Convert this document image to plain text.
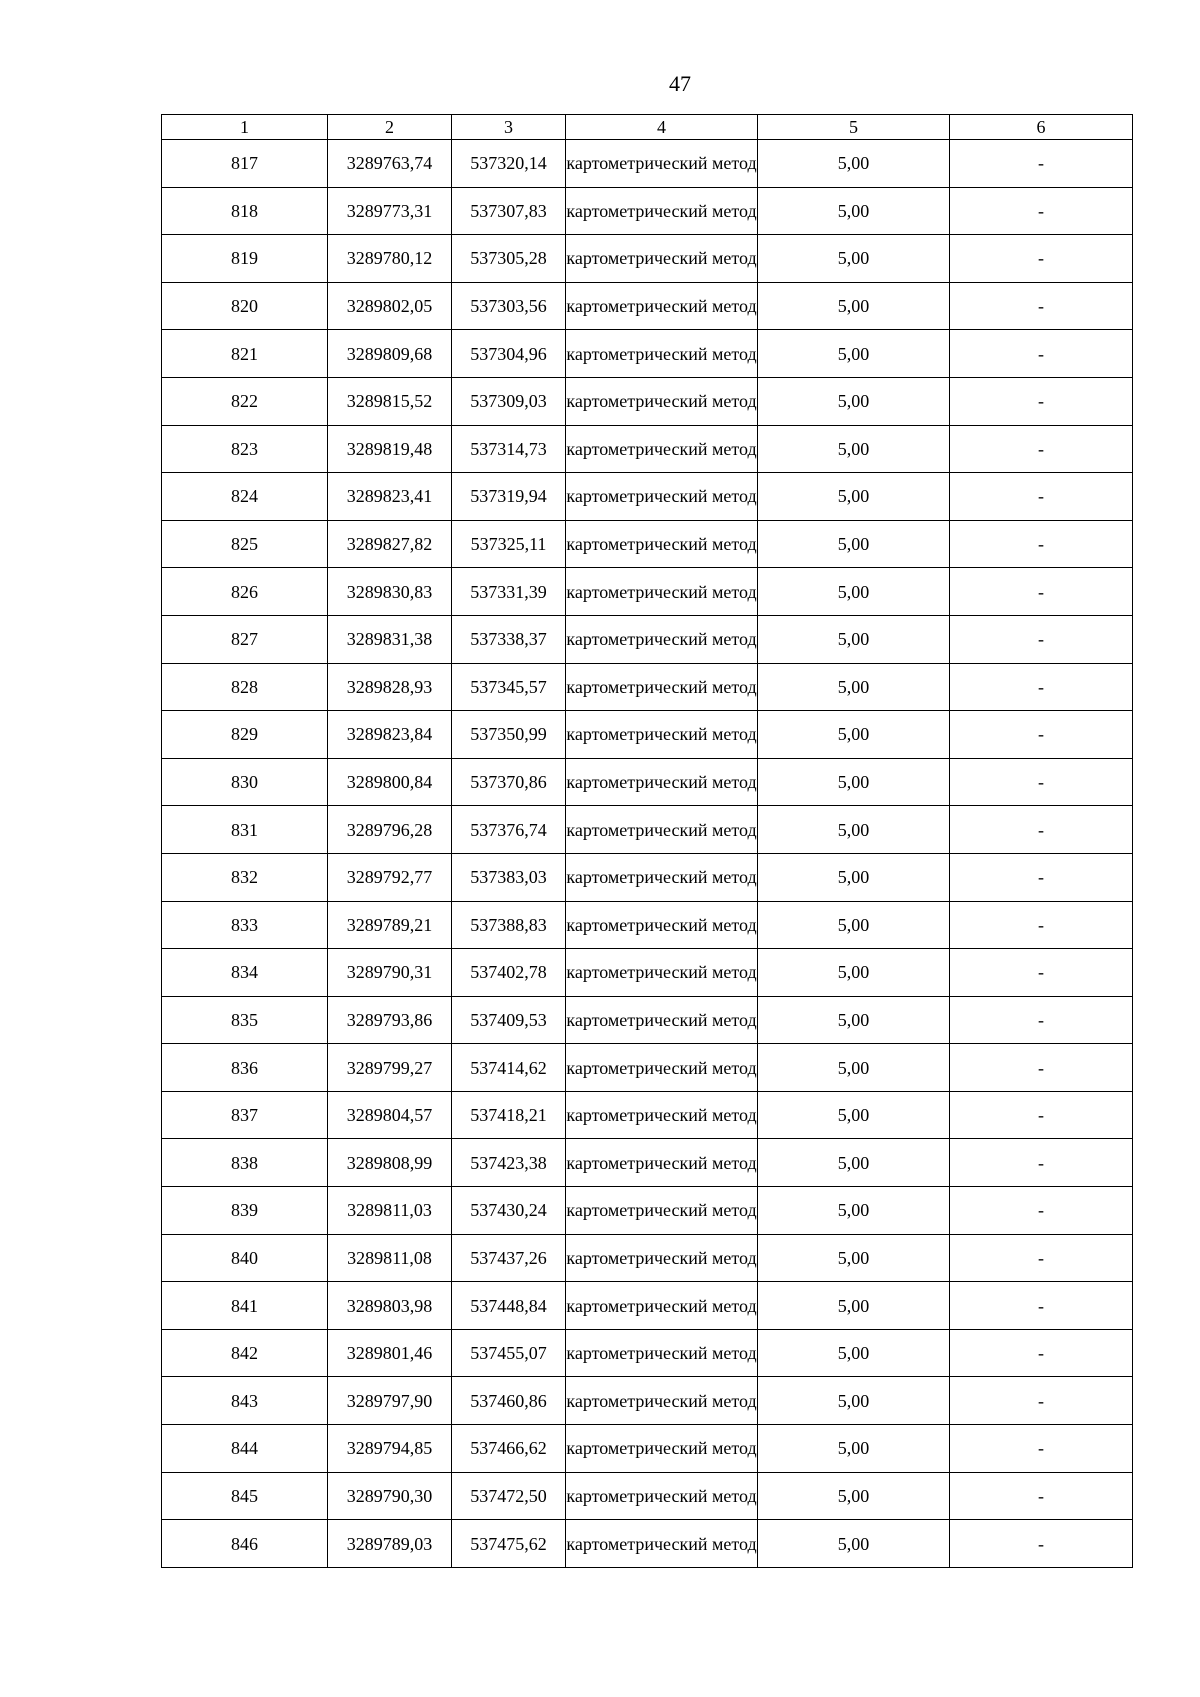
47
1	2	3	4	5	6
817	3289763,74	537320,14	картометрический метод	5,00	-
818	3289773,31	537307,83	картометрический метод	5,00	-
819	3289780,12	537305,28	картометрический метод	5,00	-
820	3289802,05	537303,56	картометрический метод	5,00	-
821	3289809,68	537304,96	картометрический метод	5,00	-
822	3289815,52	537309,03	картометрический метод	5,00	-
823	3289819,48	537314,73	картометрический метод	5,00	-
824	3289823,41	537319,94	картометрический метод	5,00	-
825	3289827,82	537325,11	картометрический метод	5,00	-
826	3289830,83	537331,39	картометрический метод	5,00	-
827	3289831,38	537338,37	картометрический метод	5,00	-
828	3289828,93	537345,57	картометрический метод	5,00	-
829	3289823,84	537350,99	картометрический метод	5,00	-
830	3289800,84	537370,86	картометрический метод	5,00	-
831	3289796,28	537376,74	картометрический метод	5,00	-
832	3289792,77	537383,03	картометрический метод	5,00	-
833	3289789,21	537388,83	картометрический метод	5,00	-
834	3289790,31	537402,78	картометрический метод	5,00	-
835	3289793,86	537409,53	картометрический метод	5,00	-
836	3289799,27	537414,62	картометрический метод	5,00	-
837	3289804,57	537418,21	картометрический метод	5,00	-
838	3289808,99	537423,38	картометрический метод	5,00	-
839	3289811,03	537430,24	картометрический метод	5,00	-
840	3289811,08	537437,26	картометрический метод	5,00	-
841	3289803,98	537448,84	картометрический метод	5,00	-
842	3289801,46	537455,07	картометрический метод	5,00	-
843	3289797,90	537460,86	картометрический метод	5,00	-
844	3289794,85	537466,62	картометрический метод	5,00	-
845	3289790,30	537472,50	картометрический метод	5,00	-
846	3289789,03	537475,62	картометрический метод	5,00	-
